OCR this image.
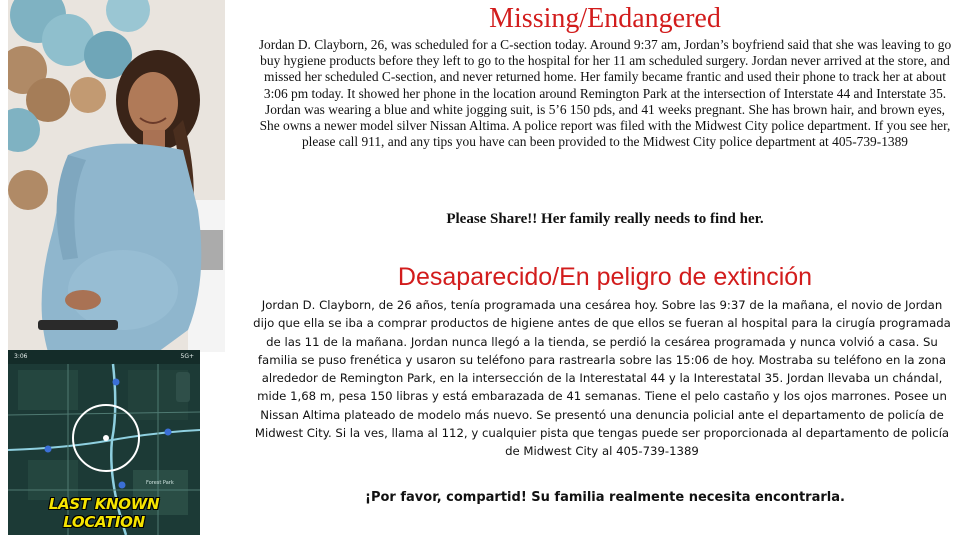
3:06	5G+
Forest Park
LAST KNOWN LOCATION
Missing/Endangered

Jordan D. Clayborn, 26, was scheduled for a C-section today. Around 9:37 am, Jordan’s boyfriend said that she was leaving to go buy hygiene products before they left to go to the hospital for her 11 am scheduled surgery. Jordan never arrived at the store, and missed her scheduled C-section, and never returned home. Her family became frantic and used their phone to track her at about 3:06 pm today. It showed her phone in the location around Remington Park at the intersection of Interstate 44 and Interstate 35.

Jordan was wearing a blue and white jogging suit, is 5’6 150 pds, and 41 weeks pregnant. She has brown hair, and brown eyes, She owns a newer model silver Nissan Altima. A police report was filed with the Midwest City police department. If you see her, please call 911, and any tips you have can been provided to the Midwest City police department at 405-739-1389

Please Share!! Her family really needs to find her.
Desaparecido/En peligro de extinción
Jordan D. Clayborn, de 26 años, tenía programada una cesárea hoy. Sobre las 9:37 de la mañana, el novio de Jordan dijo que ella se iba a comprar productos de higiene antes de que ellos se fueran al hospital para la cirugía programada de las 11 de la mañana. Jordan nunca llegó a la tienda, se perdió la cesárea programada y nunca volvió a casa. Su familia se puso frenética y usaron su teléfono para rastrearla sobre las 15:06 de hoy. Mostraba su teléfono en la zona alrededor de Remington Park, en la intersección de la Interestatal 44 y la Interestatal 35. Jordan llevaba un chándal, mide 1,68 m, pesa 150 libras y está embarazada de 41 semanas. Tiene el pelo castaño y los ojos marrones. Posee un Nissan Altima plateado de modelo más nuevo. Se presentó una denuncia policial ante el departamento de policía de Midwest City. Si la ves, llama al 112, y cualquier pista que tengas puede ser proporcionada al departamento de policía de Midwest City al 405-739-1389
¡Por favor, compartid! Su familia realmente necesita encontrarla.
